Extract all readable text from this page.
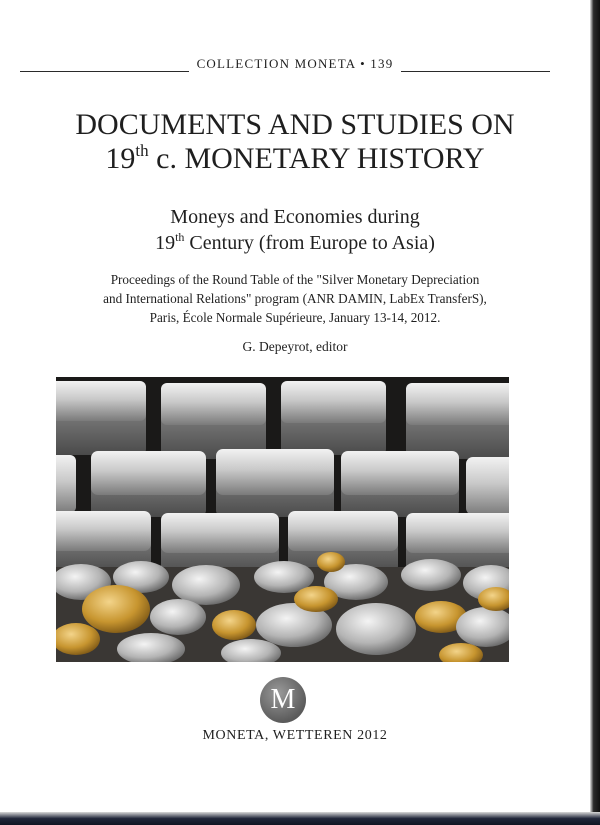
COLLECTION MONETA • 139
DOCUMENTS AND STUDIES ON
19th c. MONETARY HISTORY
Moneys and Economies during
19th Century (from Europe to Asia)
Proceedings of the Round Table of the "Silver Monetary Depreciation
and International Relations" program (ANR DAMIN, LabEx TransferS),
Paris, École Normale Supérieure, January 13-14, 2012.
G. Depeyrot, editor
M
MONETA, WETTEREN 2012
